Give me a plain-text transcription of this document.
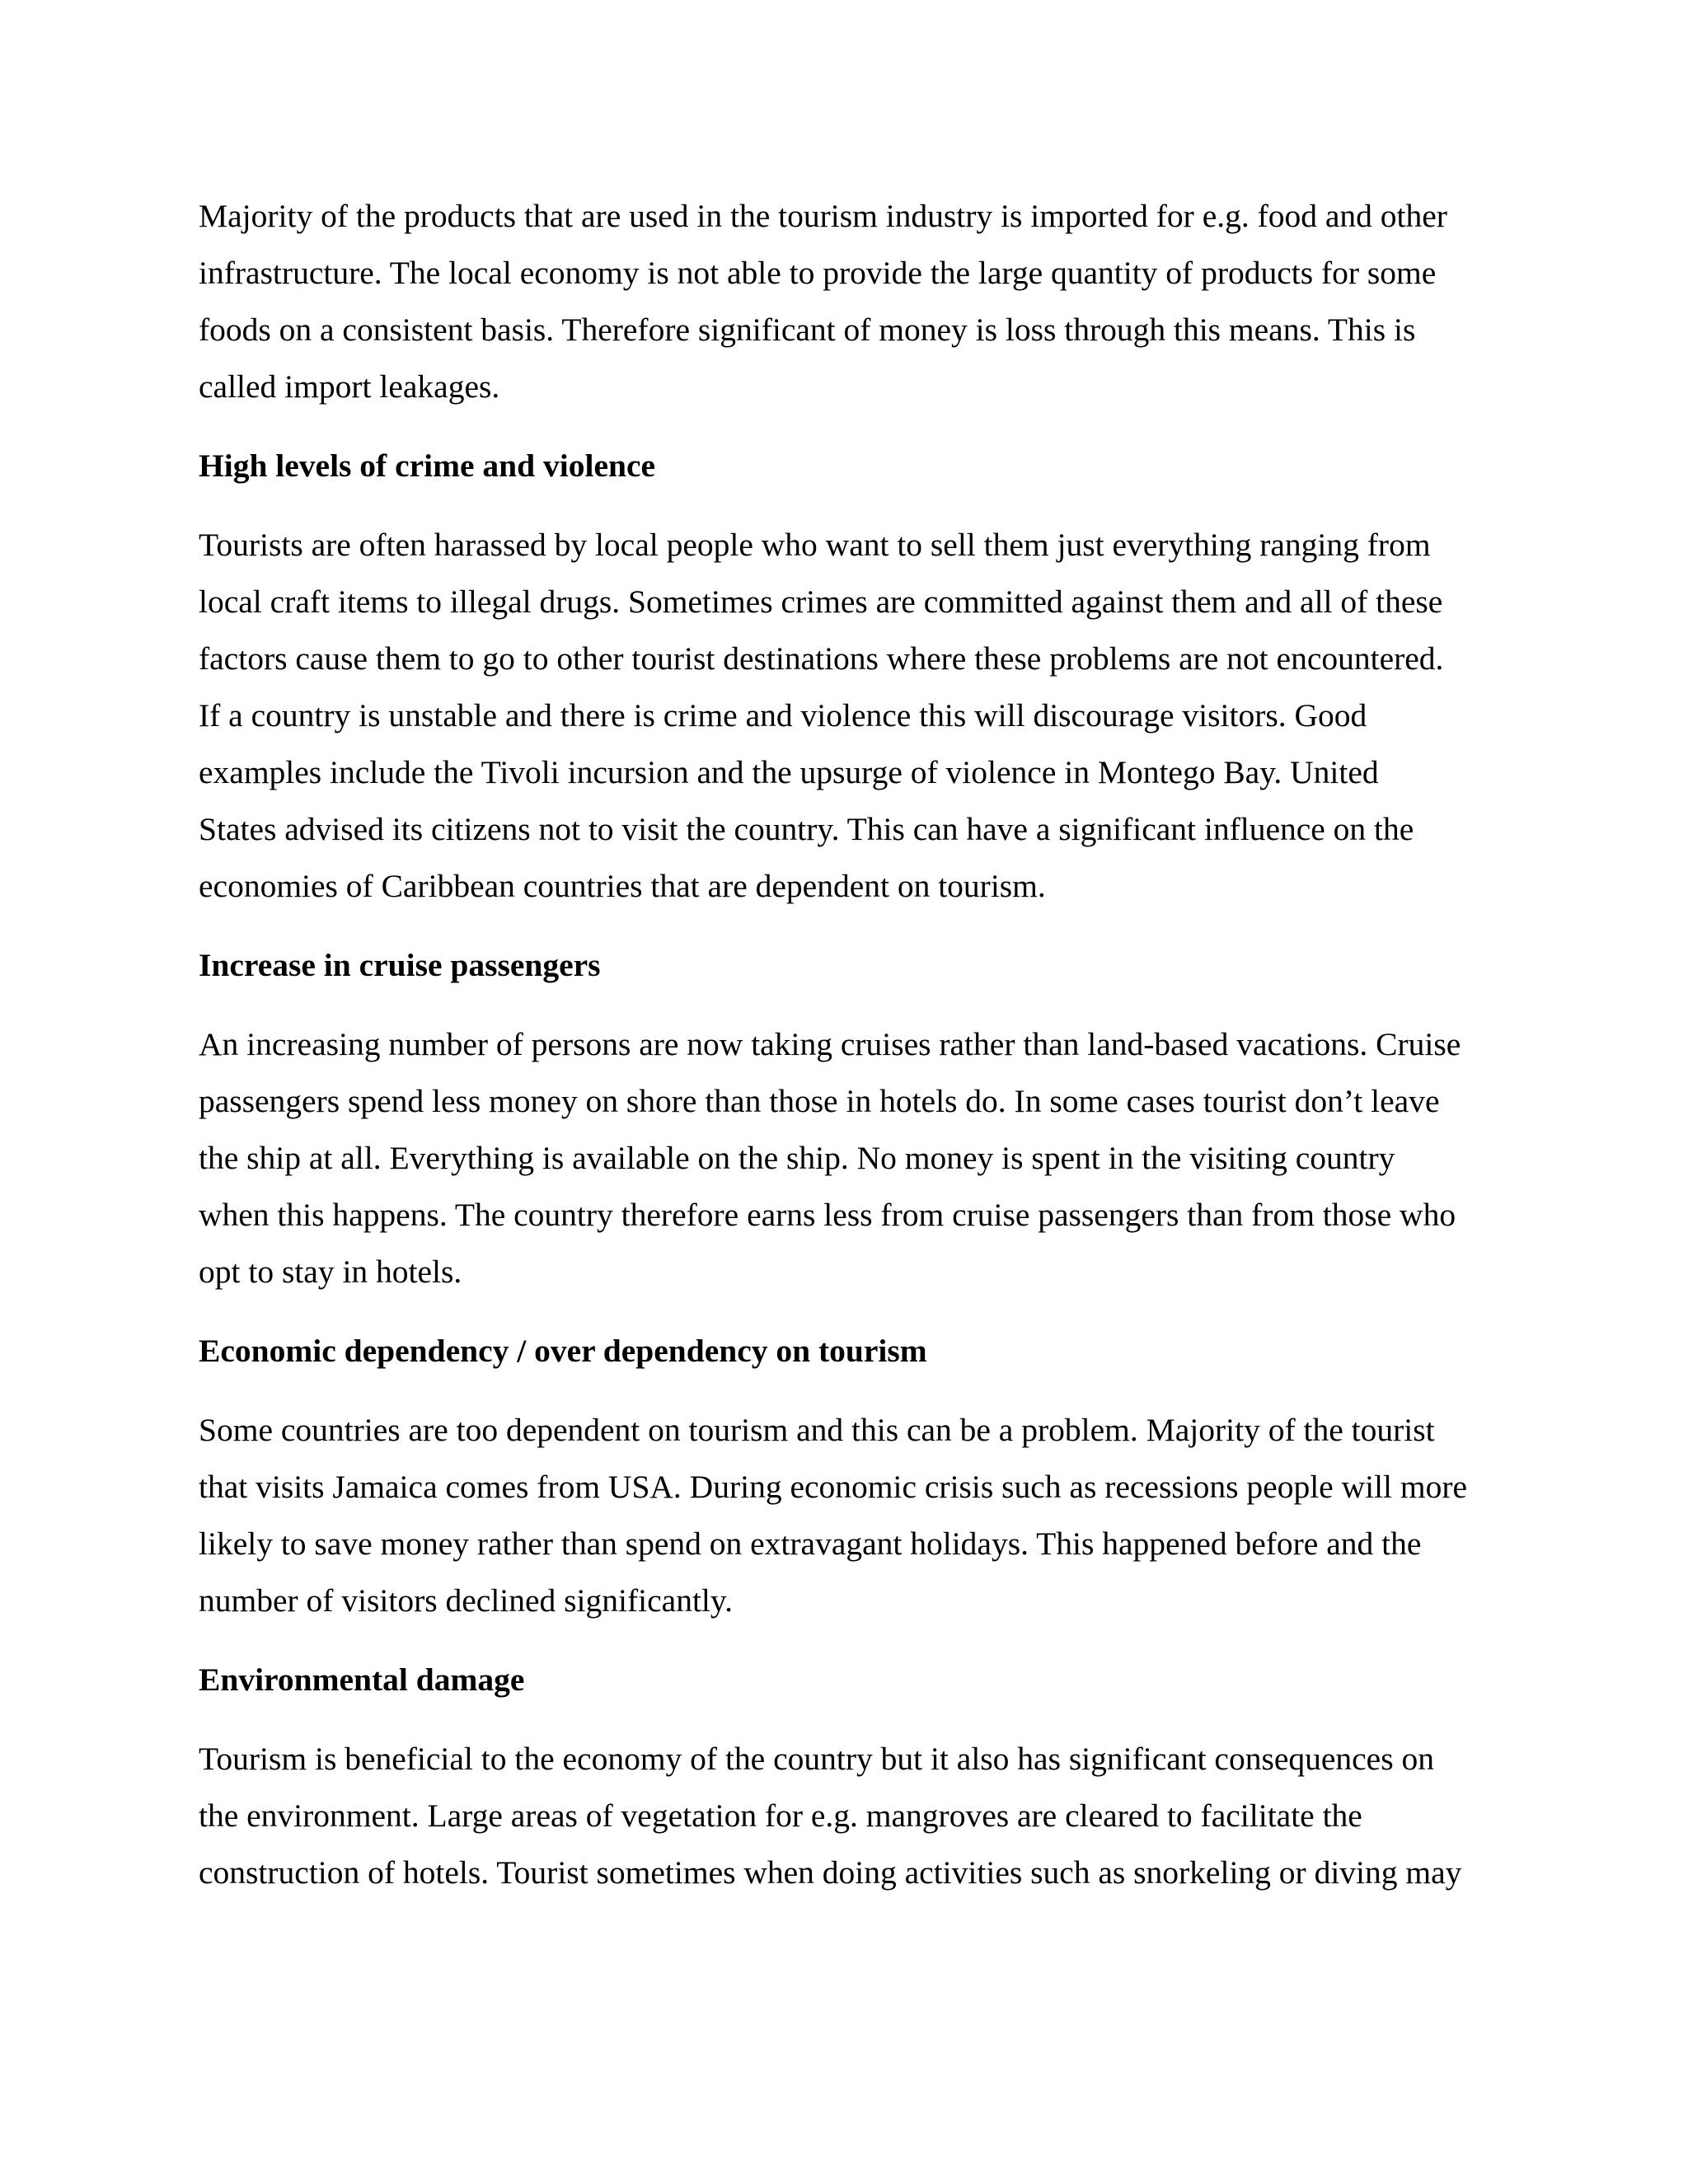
Majority of the products that are used in the tourism industry is imported for e.g. food and other
infrastructure. The local economy is not able to provide the large quantity of products for some
foods on a consistent basis. Therefore significant of money is loss through this means. This is
called import leakages.

High levels of crime and violence

Tourists are often harassed by local people who want to sell them just everything ranging from
local craft items to illegal drugs. Sometimes crimes are committed against them and all of these
factors cause them to go to other tourist destinations where these problems are not encountered.
If a country is unstable and there is crime and violence this will discourage visitors. Good
examples include the Tivoli incursion and the upsurge of violence in Montego Bay. United
States advised its citizens not to visit the country. This can have a significant influence on the
economies of Caribbean countries that are dependent on tourism.

Increase in cruise passengers

An increasing number of persons are now taking cruises rather than land-based vacations. Cruise
passengers spend less money on shore than those in hotels do. In some cases tourist don’t leave
the ship at all. Everything is available on the ship. No money is spent in the visiting country
when this happens. The country therefore earns less from cruise passengers than from those who
opt to stay in hotels.

Economic dependency / over dependency on tourism

Some countries are too dependent on tourism and this can be a problem. Majority of the tourist
that visits Jamaica comes from USA. During economic crisis such as recessions people will more
likely to save money rather than spend on extravagant holidays. This happened before and the
number of visitors declined significantly.

Environmental damage

Tourism is beneficial to the economy of the country but it also has significant consequences on
the environment. Large areas of vegetation for e.g. mangroves are cleared to facilitate the
construction of hotels. Tourist sometimes when doing activities such as snorkeling or diving may
